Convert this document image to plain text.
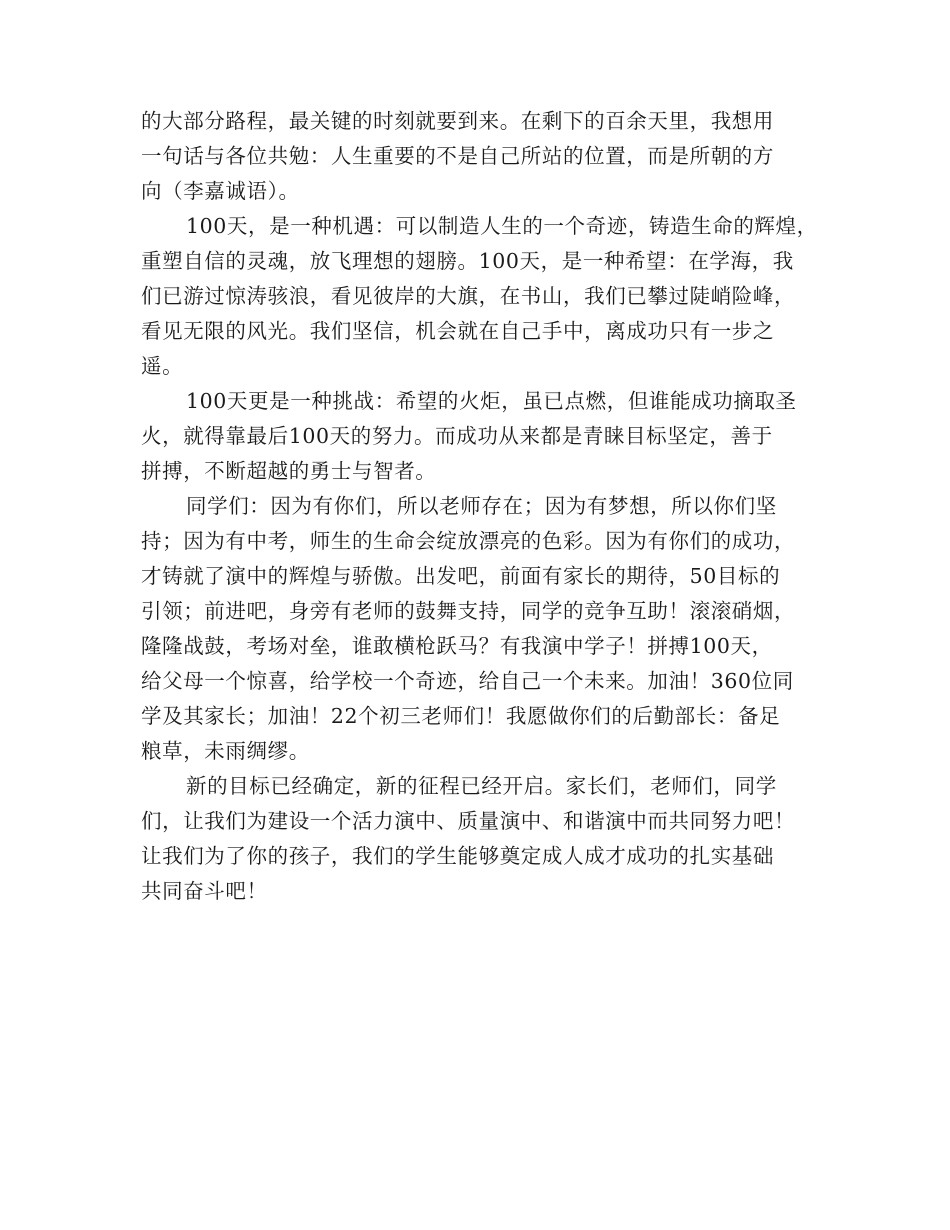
的大部分路程，最关键的时刻就要到来。在剩下的百余天里，我想用
一句话与各位共勉：人生重要的不是自己所站的位置，而是所朝的方
向（李嘉诚语）。
100天，是一种机遇：可以制造人生的一个奇迹，铸造生命的辉煌，
重塑自信的灵魂，放飞理想的翅膀。100天，是一种希望：在学海，我
们已游过惊涛骇浪，看见彼岸的大旗，在书山，我们已攀过陡峭险峰，
看见无限的风光。我们坚信，机会就在自己手中，离成功只有一步之
遥。
100天更是一种挑战：希望的火炬，虽已点燃，但谁能成功摘取圣
火，就得靠最后100天的努力。而成功从来都是青睐目标坚定，善于
拼搏，不断超越的勇士与智者。
同学们：因为有你们，所以老师存在；因为有梦想，所以你们坚
持；因为有中考，师生的生命会绽放漂亮的色彩。因为有你们的成功，
才铸就了演中的辉煌与骄傲。出发吧，前面有家长的期待，50目标的
引领；前进吧，身旁有老师的鼓舞支持，同学的竞争互助！滚滚硝烟，
隆隆战鼓，考场对垒，谁敢横枪跃马？有我演中学子！拼搏100天，
给父母一个惊喜，给学校一个奇迹，给自己一个未来。加油！360位同
学及其家长；加油！22个初三老师们！我愿做你们的后勤部长：备足
粮草，未雨绸缪。
新的目标已经确定，新的征程已经开启。家长们，老师们，同学
们，让我们为建设一个活力演中、质量演中、和谐演中而共同努力吧！
让我们为了你的孩子，我们的学生能够奠定成人成才成功的扎实基础
共同奋斗吧！
